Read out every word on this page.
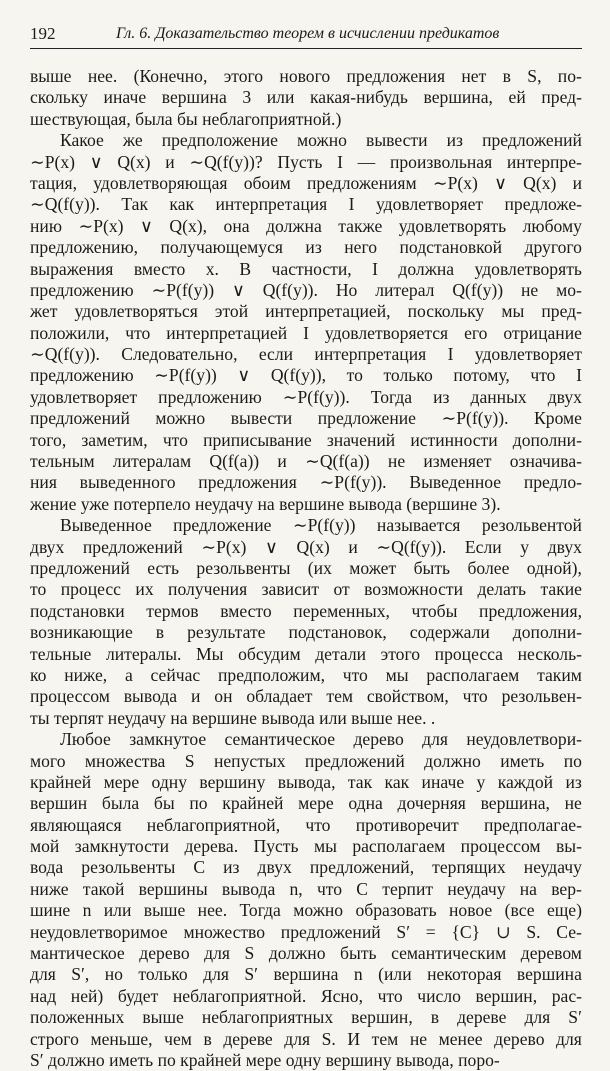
192	Гл. 6. Доказательство теорем в исчислении предикатов
выше нее. (Конечно, этого нового предложения нет в S, по-
скольку иначе вершина 3 или какая-нибудь вершина, ей пред-
шествующая, была бы неблагоприятной.)
Какое же предположение можно вывести из предложений
∼P(x) ∨ Q(x) и ∼Q(f(y))? Пусть I — произвольная интерпре-
тация, удовлетворяющая обоим предложениям ∼P(x) ∨ Q(x) и
∼Q(f(y)). Так как интерпретация I удовлетворяет предложе-
нию ∼P(x) ∨ Q(x), она должна также удовлетворять любому
предложению, получающемуся из него подстановкой другого
выражения вместо x. В частности, I должна удовлетворять
предложению ∼P(f(y)) ∨ Q(f(y)). Но литерал Q(f(y)) не мо-
жет удовлетворяться этой интерпретацией, поскольку мы пред-
положили, что интерпретацией I удовлетворяется его отрицание
∼Q(f(y)). Следовательно, если интерпретация I удовлетворяет
предложению ∼P(f(y)) ∨ Q(f(y)), то только потому, что I
удовлетворяет предложению ∼P(f(y)). Тогда из данных двух
предложений можно вывести предложение ∼P(f(y)). Кроме
того, заметим, что приписывание значений истинности дополни-
тельным литералам Q(f(a)) и ∼Q(f(a)) не изменяет означива-
ния выведенного предложения ∼P(f(y)). Выведенное предло-
жение уже потерпело неудачу на вершине вывода (вершине 3).
Выведенное предложение ∼P(f(y)) называется резольвентой
двух предложений ∼P(x) ∨ Q(x) и ∼Q(f(y)). Если у двух
предложений есть резольвенты (их может быть более одной),
то процесс их получения зависит от возможности делать такие
подстановки термов вместо переменных, чтобы предложения,
возникающие в результате подстановок, содержали дополни-
тельные литералы. Мы обсудим детали этого процесса несколь-
ко ниже, а сейчас предположим, что мы располагаем таким
процессом вывода и он обладает тем свойством, что резольвен-
ты терпят неудачу на вершине вывода или выше нее. .
Любое замкнутое семантическое дерево для неудовлетвори-
мого множества S непустых предложений должно иметь по
крайней мере одну вершину вывода, так как иначе у каждой из
вершин была бы по крайней мере одна дочерняя вершина, не
являющаяся неблагоприятной, что противоречит предполагае-
мой замкнутости дерева. Пусть мы располагаем процессом вы-
вода резольвенты C из двух предложений, терпящих неудачу
ниже такой вершины вывода n, что C терпит неудачу на вер-
шине n или выше нее. Тогда можно образовать новое (все еще)
неудовлетворимое множество предложений S′ = {C} ∪ S. Се-
мантическое дерево для S должно быть семантическим деревом
для S′, но только для S′ вершина n (или некоторая вершина
над ней) будет неблагоприятной. Ясно, что число вершин, рас-
положенных выше неблагоприятных вершин, в дереве для S′
строго меньше, чем в дереве для S. И тем не менее дерево для
S′ должно иметь по крайней мере одну вершину вывода, поро-
